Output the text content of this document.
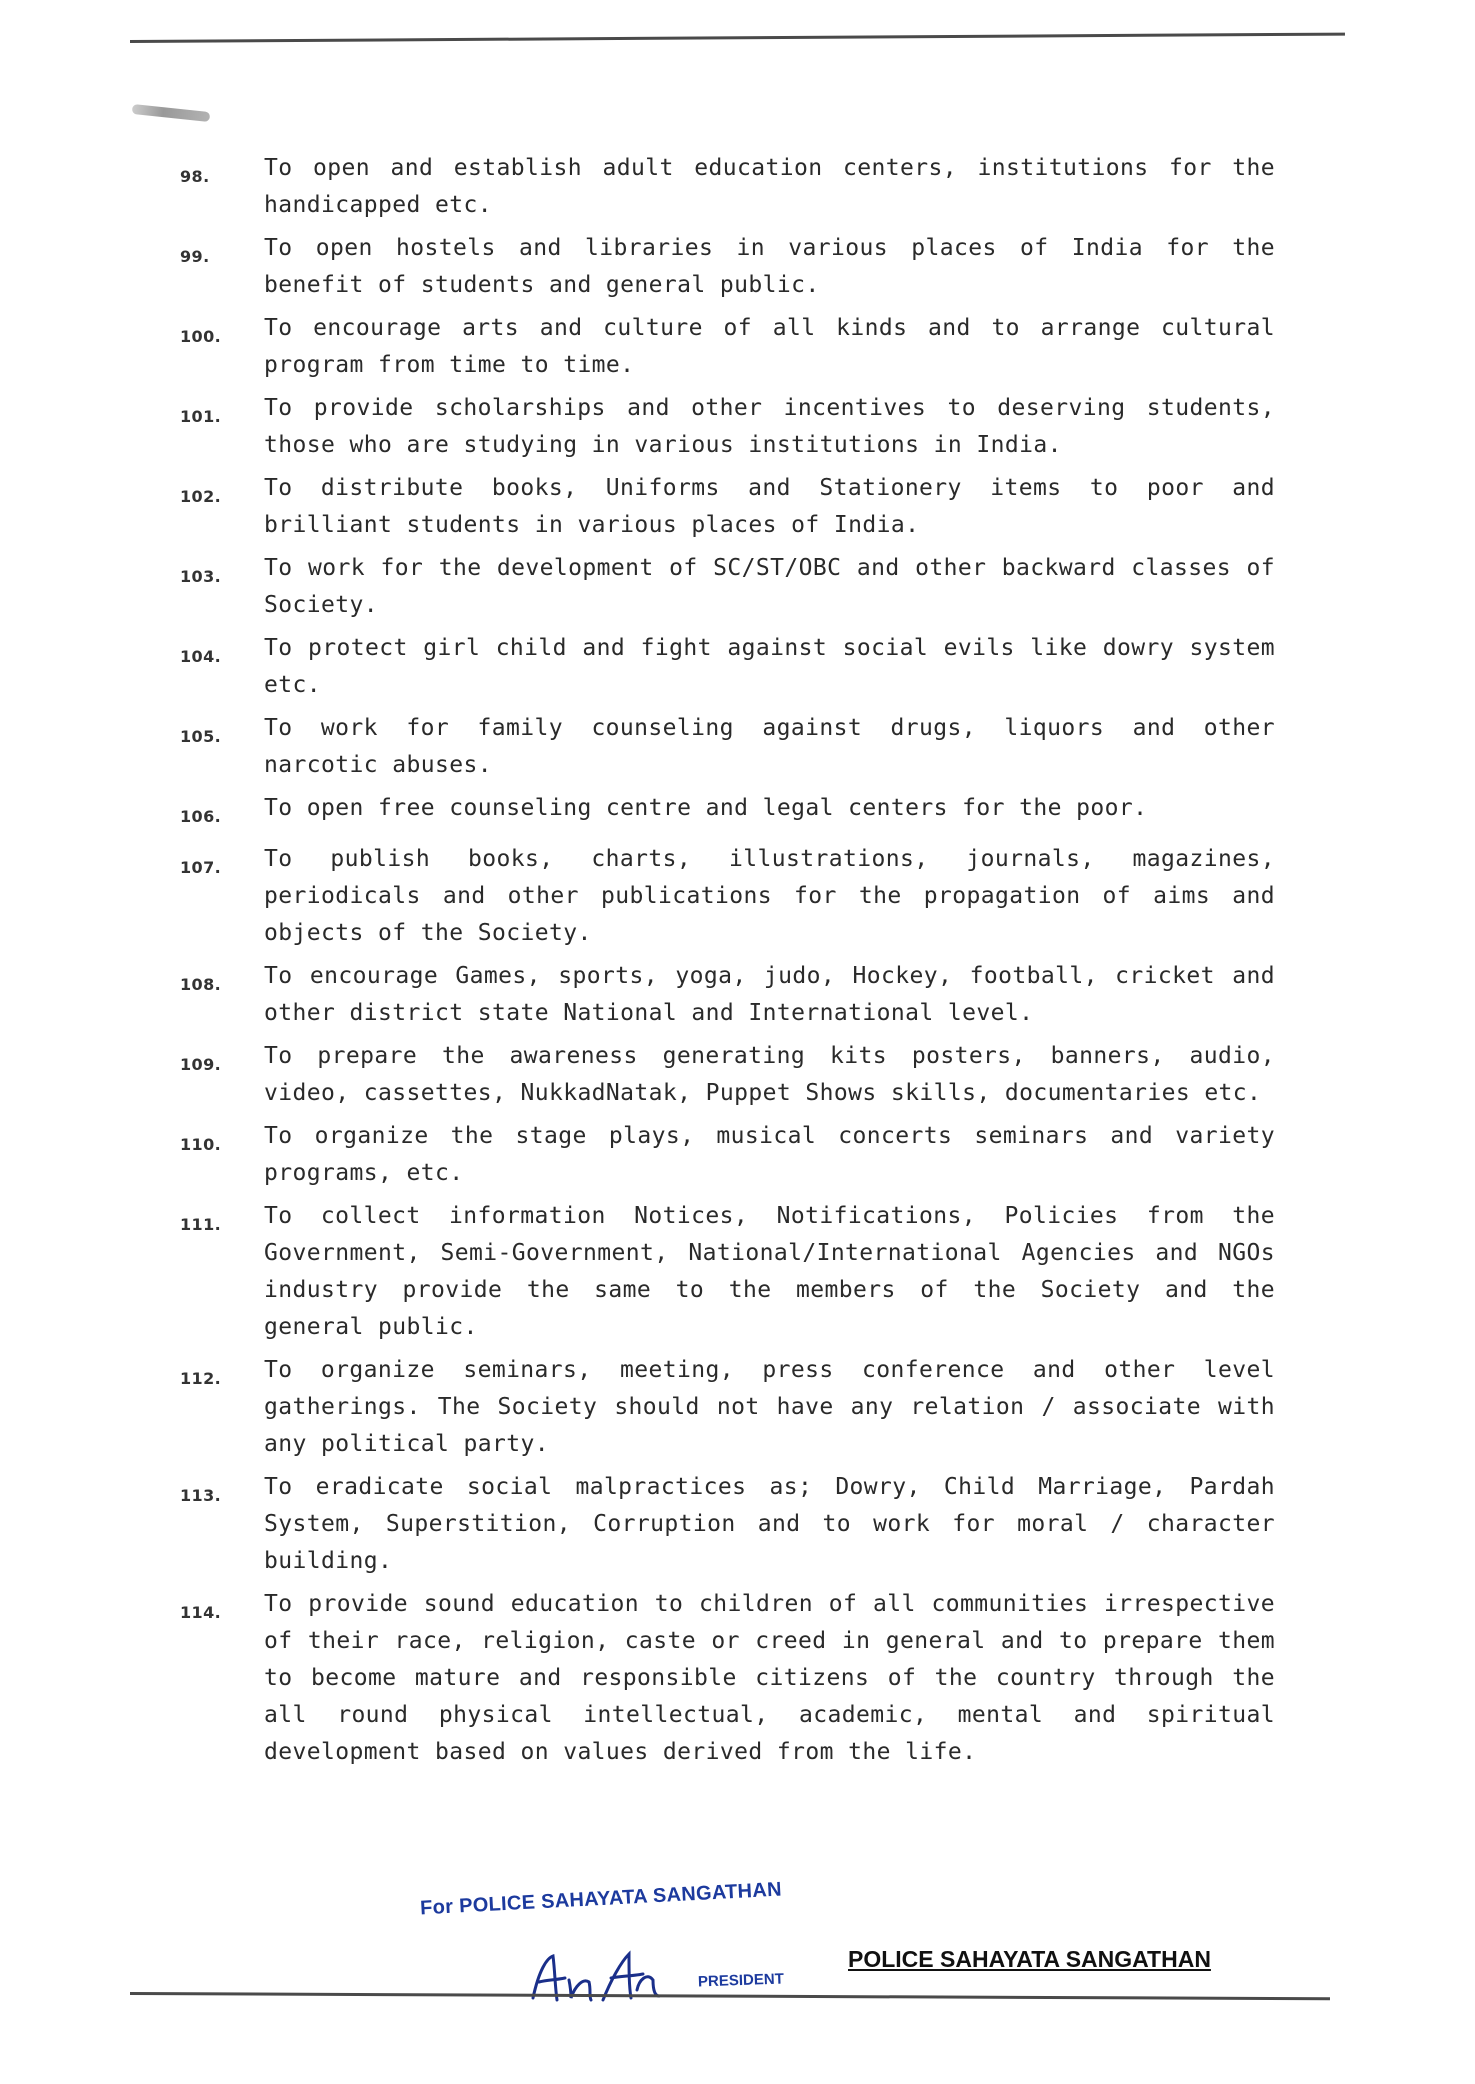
98.	To open and establish adult education centers, institutions for the handicapped etc.
99.	To open hostels and libraries in various places of India for the benefit of students and general public.
100.	To encourage arts and culture of all kinds and to arrange cultural program from time to time.
101.	To provide scholarships and other incentives to deserving students, those who are studying in various institutions in India.
102.	To distribute books, Uniforms and Stationery items to poor and brilliant students in various places of India.
103.	To work for the development of SC/ST/OBC and other backward classes of Society.
104.	To protect girl child and fight against social evils like dowry system etc.
105.	To work for family counseling against drugs, liquors and other narcotic abuses.
106.	To open free counseling centre and legal centers for the poor.
107.	To publish books, charts, illustrations, journals, magazines, periodicals and other publications for the propagation of aims and objects of the Society.
108.	To encourage Games, sports, yoga, judo, Hockey, football, cricket and other district state National and International level.
109.	To prepare the awareness generating kits posters, banners, audio, video, cassettes, NukkadNatak, Puppet Shows skills, documentaries etc.
110.	To organize the stage plays, musical concerts seminars and variety programs, etc.
111.	To collect information Notices, Notifications, Policies from the Government, Semi-Government, National/International Agencies and NGOs industry provide the same to the members of the Society and the general public.
112.	To organize seminars, meeting, press conference and other level gatherings. The Society should not have any relation / associate with any political party.
113.	To eradicate social malpractices as; Dowry, Child Marriage, Pardah System, Superstition, Corruption and to work for moral / character building.
114.	To provide sound education to children of all communities irrespective of their race, religion, caste or creed in general and to prepare them to become mature and responsible citizens of the country through the all round physical intellectual, academic, mental and spiritual development based on values derived from the life.
For POLICE SAHAYATA SANGATHAN
PRESIDENT
POLICE SAHAYATA SANGATHAN
